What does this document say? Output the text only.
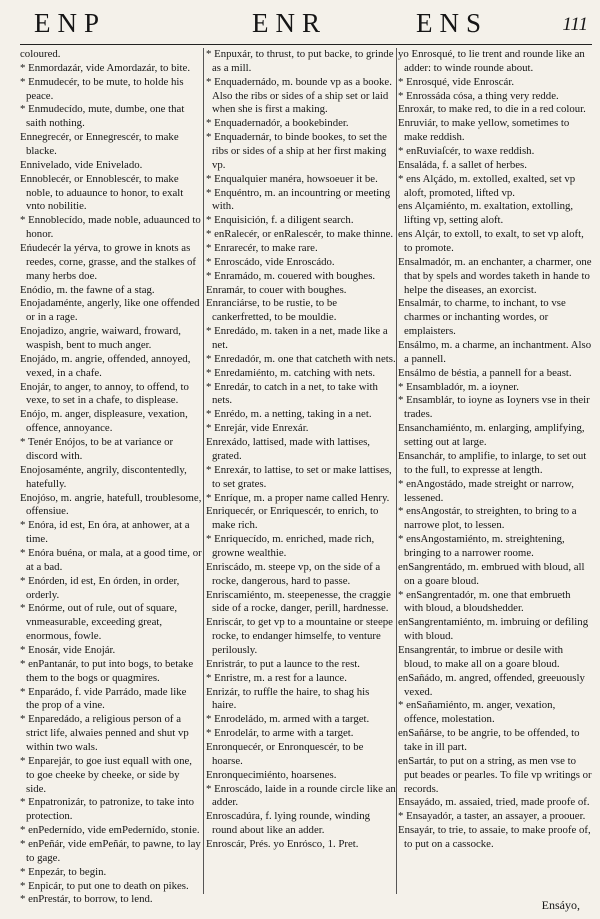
ENP	ENR	ENS	111

coloured.

* Enmordazár, vide Amordazár, to bite.

* Enmudecér, to be mute, to holde his peace.

* Enmudecído, mute, dumbe, one that saith nothing.

Ennegrecér, or Ennegrescér, to make blacke.

Ennivelado, vide Enivelado.

Ennoblecér, or Ennoblescér, to make noble, to aduaunce to honor, to exalt vnto nobilitie.

* Ennoblecído, made noble, aduaunced to honor.

Eńudecér la yérva, to growe in knots as reedes, corne, grasse, and the stalkes of many herbs doe.

Enódio, m. the fawne of a stag.

Enojadaménte, angerly, like one offended or in a rage.

Enojadizo, angrie, waiward, froward, waspish, bent to much anger.

Enojádo, m. angrie, offended, annoyed, vexed, in a chafe.

Enojár, to anger, to annoy, to offend, to vexe, to set in a chafe, to displease.

Enójo, m. anger, displeasure, vexation, offence, annoyance.

* Tenér Enójos, to be at variance or discord with.

Enojosaménte, angrily, discontentedly, hatefully.

Enojóso, m. angrie, hatefull, troublesome, offensiue.

* Enóra, id est, En óra, at anhower, at a time.

* Enóra buéna, or mala, at a good time, or at a bad.

* Enórden, id est, En órden, in order, orderly.

* Enórme, out of rule, out of square, vnmeasurable, exceeding great, enormous, fowle.

* Enosár, vide Enojár.

* enPantanár, to put into bogs, to betake them to the bogs or quagmires.

* Enparádo, f. vide Parrádo, made like the prop of a vine.

* Enparedádo, a religious person of a strict life, alwaies penned and shut vp within two wals.

* Enparejár, to goe iust equall with one, to goe cheeke by cheeke, or side by side.

* Enpatronizár, to patronize, to take into protection.

* enPedernído, vide emPedernído, stonie.

* enPeñár, vide emPeñár, to pawne, to lay to gage.

* Enpezár, to begin.

* Enpicár, to put one to death on pikes.

* enPrestár, to borrow, to lend.

* Enpuxár, to thrust, to put backe, to grinde as a mill.

* Enquadernádo, m. bounde vp as a booke. Also the ribs or sides of a ship set or laid when she is first a making.

* Enquadernadór, a bookebinder.

* Enquadernár, to binde bookes, to set the ribs or sides of a ship at her first making vp.

* Enqualquier manéra, howsoeuer it be.

* Enquéntro, m. an incountring or meeting with.

* Enquisición, f. a diligent search.

* enRalecér, or enRalescér, to make thinne.

* Enrarecér, to make rare.

* Enroscádo, vide Enroscádo.

* Enramádo, m. couered with boughes.

Enramár, to couer with boughes.

Enranciárse, to be rustie, to be cankerfretted, to be mouldie.

* Enredádo, m. taken in a net, made like a net.

* Enredadór, m. one that catcheth with nets.

* Enredamiénto, m. catching with nets.

* Enredár, to catch in a net, to take with nets.

* Enrédo, m. a netting, taking in a net.

* Enrejár, vide Enrexár.

Enrexádo, lattised, made with lattises, grated.

* Enrexár, to lattise, to set or make lattises, to set grates.

* Enríque, m. a proper name called Henry.

Enriquecér, or Enriquescér, to enrich, to make rich.

* Enriquecído, m. enriched, made rich, growne wealthie.

Enriscádo, m. steepe vp, on the side of a rocke, dangerous, hard to passe.

Enriscamiénto, m. steepenesse, the craggie side of a rocke, danger, perill, hardnesse.

Enriscár, to get vp to a mountaine or steepe rocke, to endanger himselfe, to venture perilously.

Enristrár, to put a launce to the rest.

* Enristre, m. a rest for a launce.

Enrizár, to ruffle the haire, to shag his haire.

* Enrodeládo, m. armed with a target.

* Enrodelár, to arme with a target.

Enronquecér, or Enronquescér, to be hoarse.

Enronquecimiénto, hoarsenes.

* Enroscádo, laide in a rounde circle like an adder.

Enroscadúra, f. lying rounde, winding round about like an adder.

Enroscár, Prés. yo Enrósco, 1. Pret.

yo Enrosqué, to lie trent and rounde like an adder: to winde rounde about.

* Enrosqué, vide Enroscár.

* Enrossáda cósa, a thing very redde.

Enroxár, to make red, to die in a red colour.

Enruviár, to make yellow, sometimes to make reddish.

* enRuviaſcér, to waxe reddish.

Ensaláda, f. a sallet of herbes.

* ens Alçádo, m. extolled, exalted, set vp aloft, promoted, lifted vp.

ens Alçamiénto, m. exaltation, extolling, lifting vp, setting aloft.

ens Alçár, to extoll, to exalt, to set vp aloft, to promote.

Ensalmadór, m. an enchanter, a charmer, one that by spels and wordes taketh in hande to helpe the diseases, an exorcist.

Ensalmár, to charme, to inchant, to vse charmes or inchanting wordes, or emplaisters.

Ensálmo, m. a charme, an inchantment. Also a pannell.

Ensálmo de béstia, a pannell for a beast.

* Ensambladór, m. a ioyner.

* Ensamblár, to ioyne as Ioyners vse in their trades.

Ensanchamiénto, m. enlarging, amplifying, setting out at large.

Ensanchár, to amplifie, to inlarge, to set out to the full, to expresse at length.

* enAngostádo, made streight or narrow, lessened.

* ensAngostár, to streighten, to bring to a narrowe plot, to lessen.

* ensAngostamiénto, m. streightening, bringing to a narrower roome.

enSangrentádo, m. embrued with bloud, all on a goare bloud.

* enSangrentadór, m. one that embrueth with bloud, a bloudshedder.

enSangrentamiénto, m. imbruing or defiling with bloud.

Ensangrentár, to imbrue or desile with bloud, to make all on a goare bloud.

enSañádo, m. angred, offended, greeuously vexed.

* enSañamiénto, m. anger, vexation, offence, molestation.

enSañárse, to be angrie, to be offended, to take in ill part.

enSartár, to put on a string, as men vse to put beades or pearles. To file vp writings or records.

Ensayádo, m. assaied, tried, made proofe of.

* Ensayadór, a taster, an assayer, a proouer.

Ensayár, to trie, to assaie, to make proofe of, to put on a cassocke.

Ensáyo,
